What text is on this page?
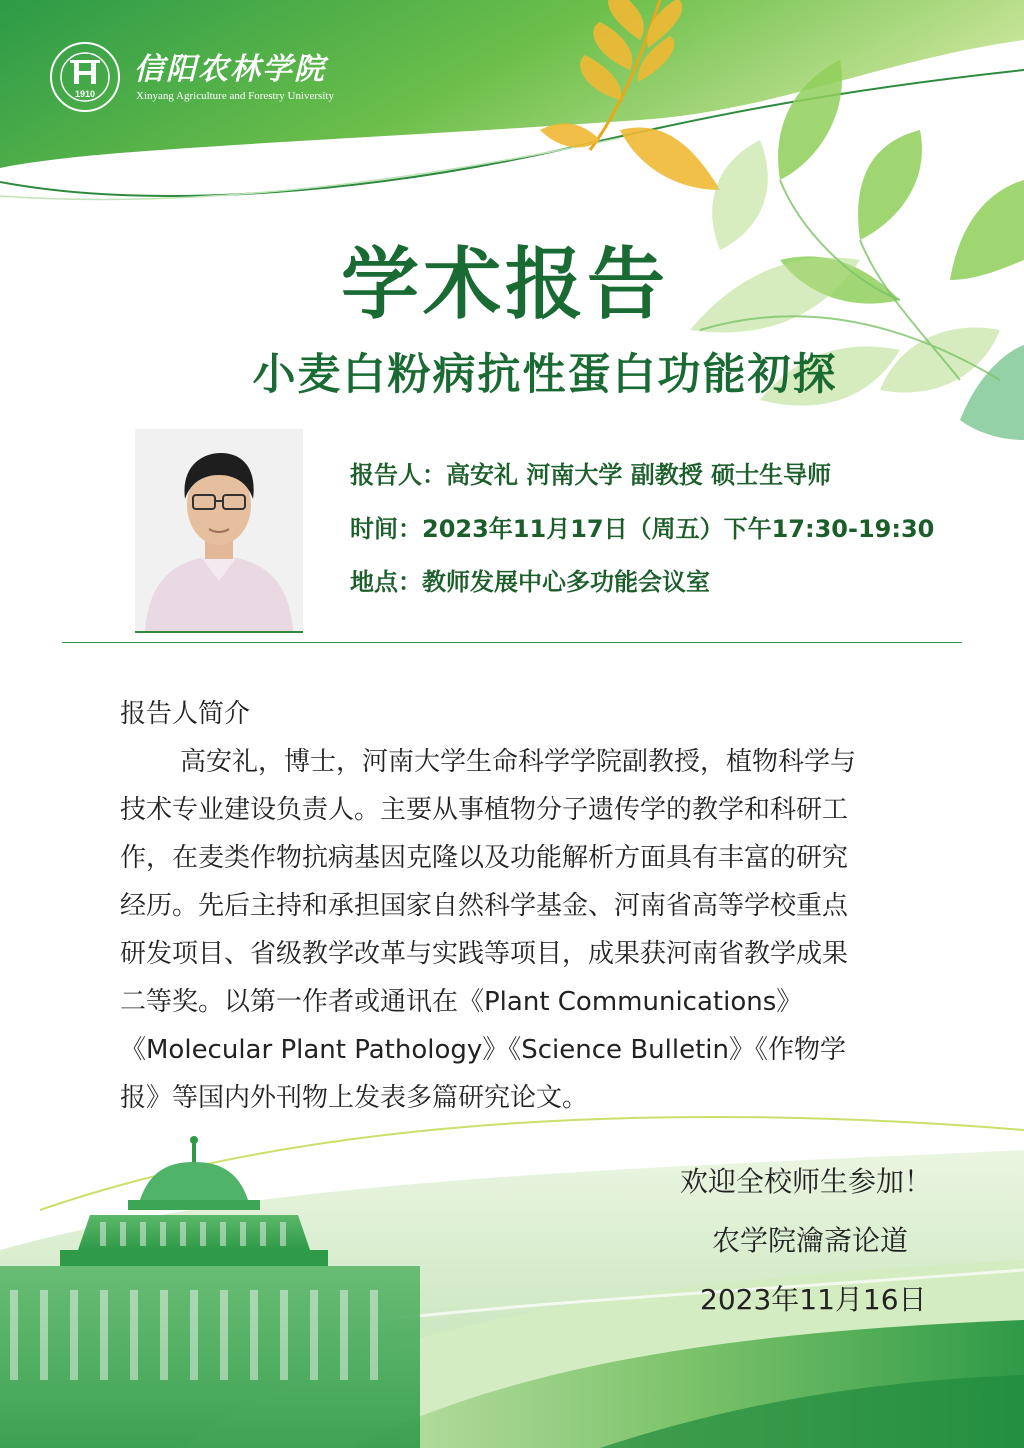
1910
信阳农林学院
Xinyang Agriculture and Forestry University
学术报告
小麦白粉病抗性蛋白功能初探
报告人：高安礼 河南大学 副教授 硕士生导师
时间：2023年11月17日（周五）下午17:30-19:30
地点：教师发展中心多功能会议室
报告人简介
高安礼，博士，河南大学生命科学学院副教授，植物科学与
技术专业建设负责人。主要从事植物分子遗传学的教学和科研工
作，在麦类作物抗病基因克隆以及功能解析方面具有丰富的研究
经历。先后主持和承担国家自然科学基金、河南省高等学校重点
研发项目、省级教学改革与实践等项目，成果获河南省教学成果
二等奖。以第一作者或通讯在《Plant Communications》
《Molecular Plant Pathology》《Science Bulletin》《作物学
报》等国内外刊物上发表多篇研究论文。
欢迎全校师生参加！
农学院瀹斋论道
2023年11月16日
